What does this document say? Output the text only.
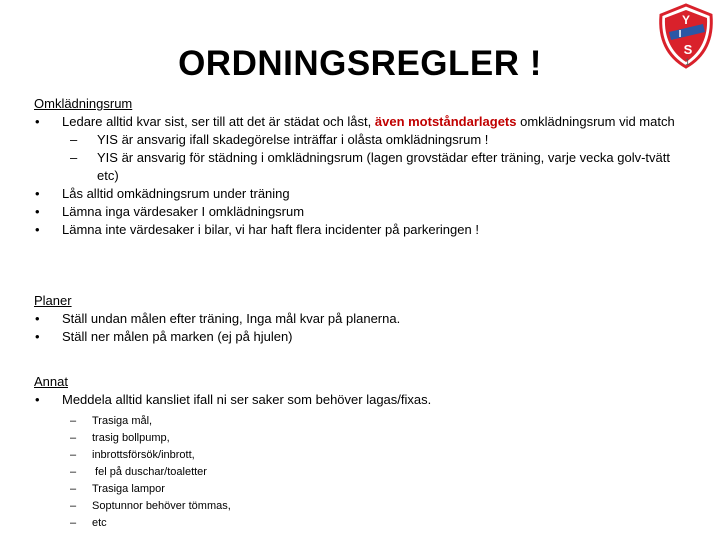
ORDNINGSREGLER !
Y
I
S
1
Omklädningsrum
•	Ledare alltid kvar sist, ser till att det är städat och låst, även motståndarlagets omklädningsrum vid match
–	YIS är ansvarig ifall skadegörelse inträffar i olåsta omklädningsrum !
–	YIS är ansvarig för städning i omklädningsrum (lagen grovstädar efter träning, varje vecka golv-tvätt etc)
•	Lås alltid omkädningsrum under träning
•	Lämna inga värdesaker I omklädningsrum
•	Lämna inte värdesaker i bilar, vi har haft flera incidenter på parkeringen !
Planer
•	Ställ undan målen efter träning, Inga mål kvar på planerna.
•	Ställ ner målen på marken (ej på hjulen)
Annat
•	Meddela alltid kansliet ifall ni ser saker som behöver lagas/fixas.
–	Trasiga mål,
–	trasig bollpump,
–	inbrottsförsök/inbrott,
–	fel på duschar/toaletter
–	Trasiga lampor
–	Soptunnor behöver tömmas,
–	etc
